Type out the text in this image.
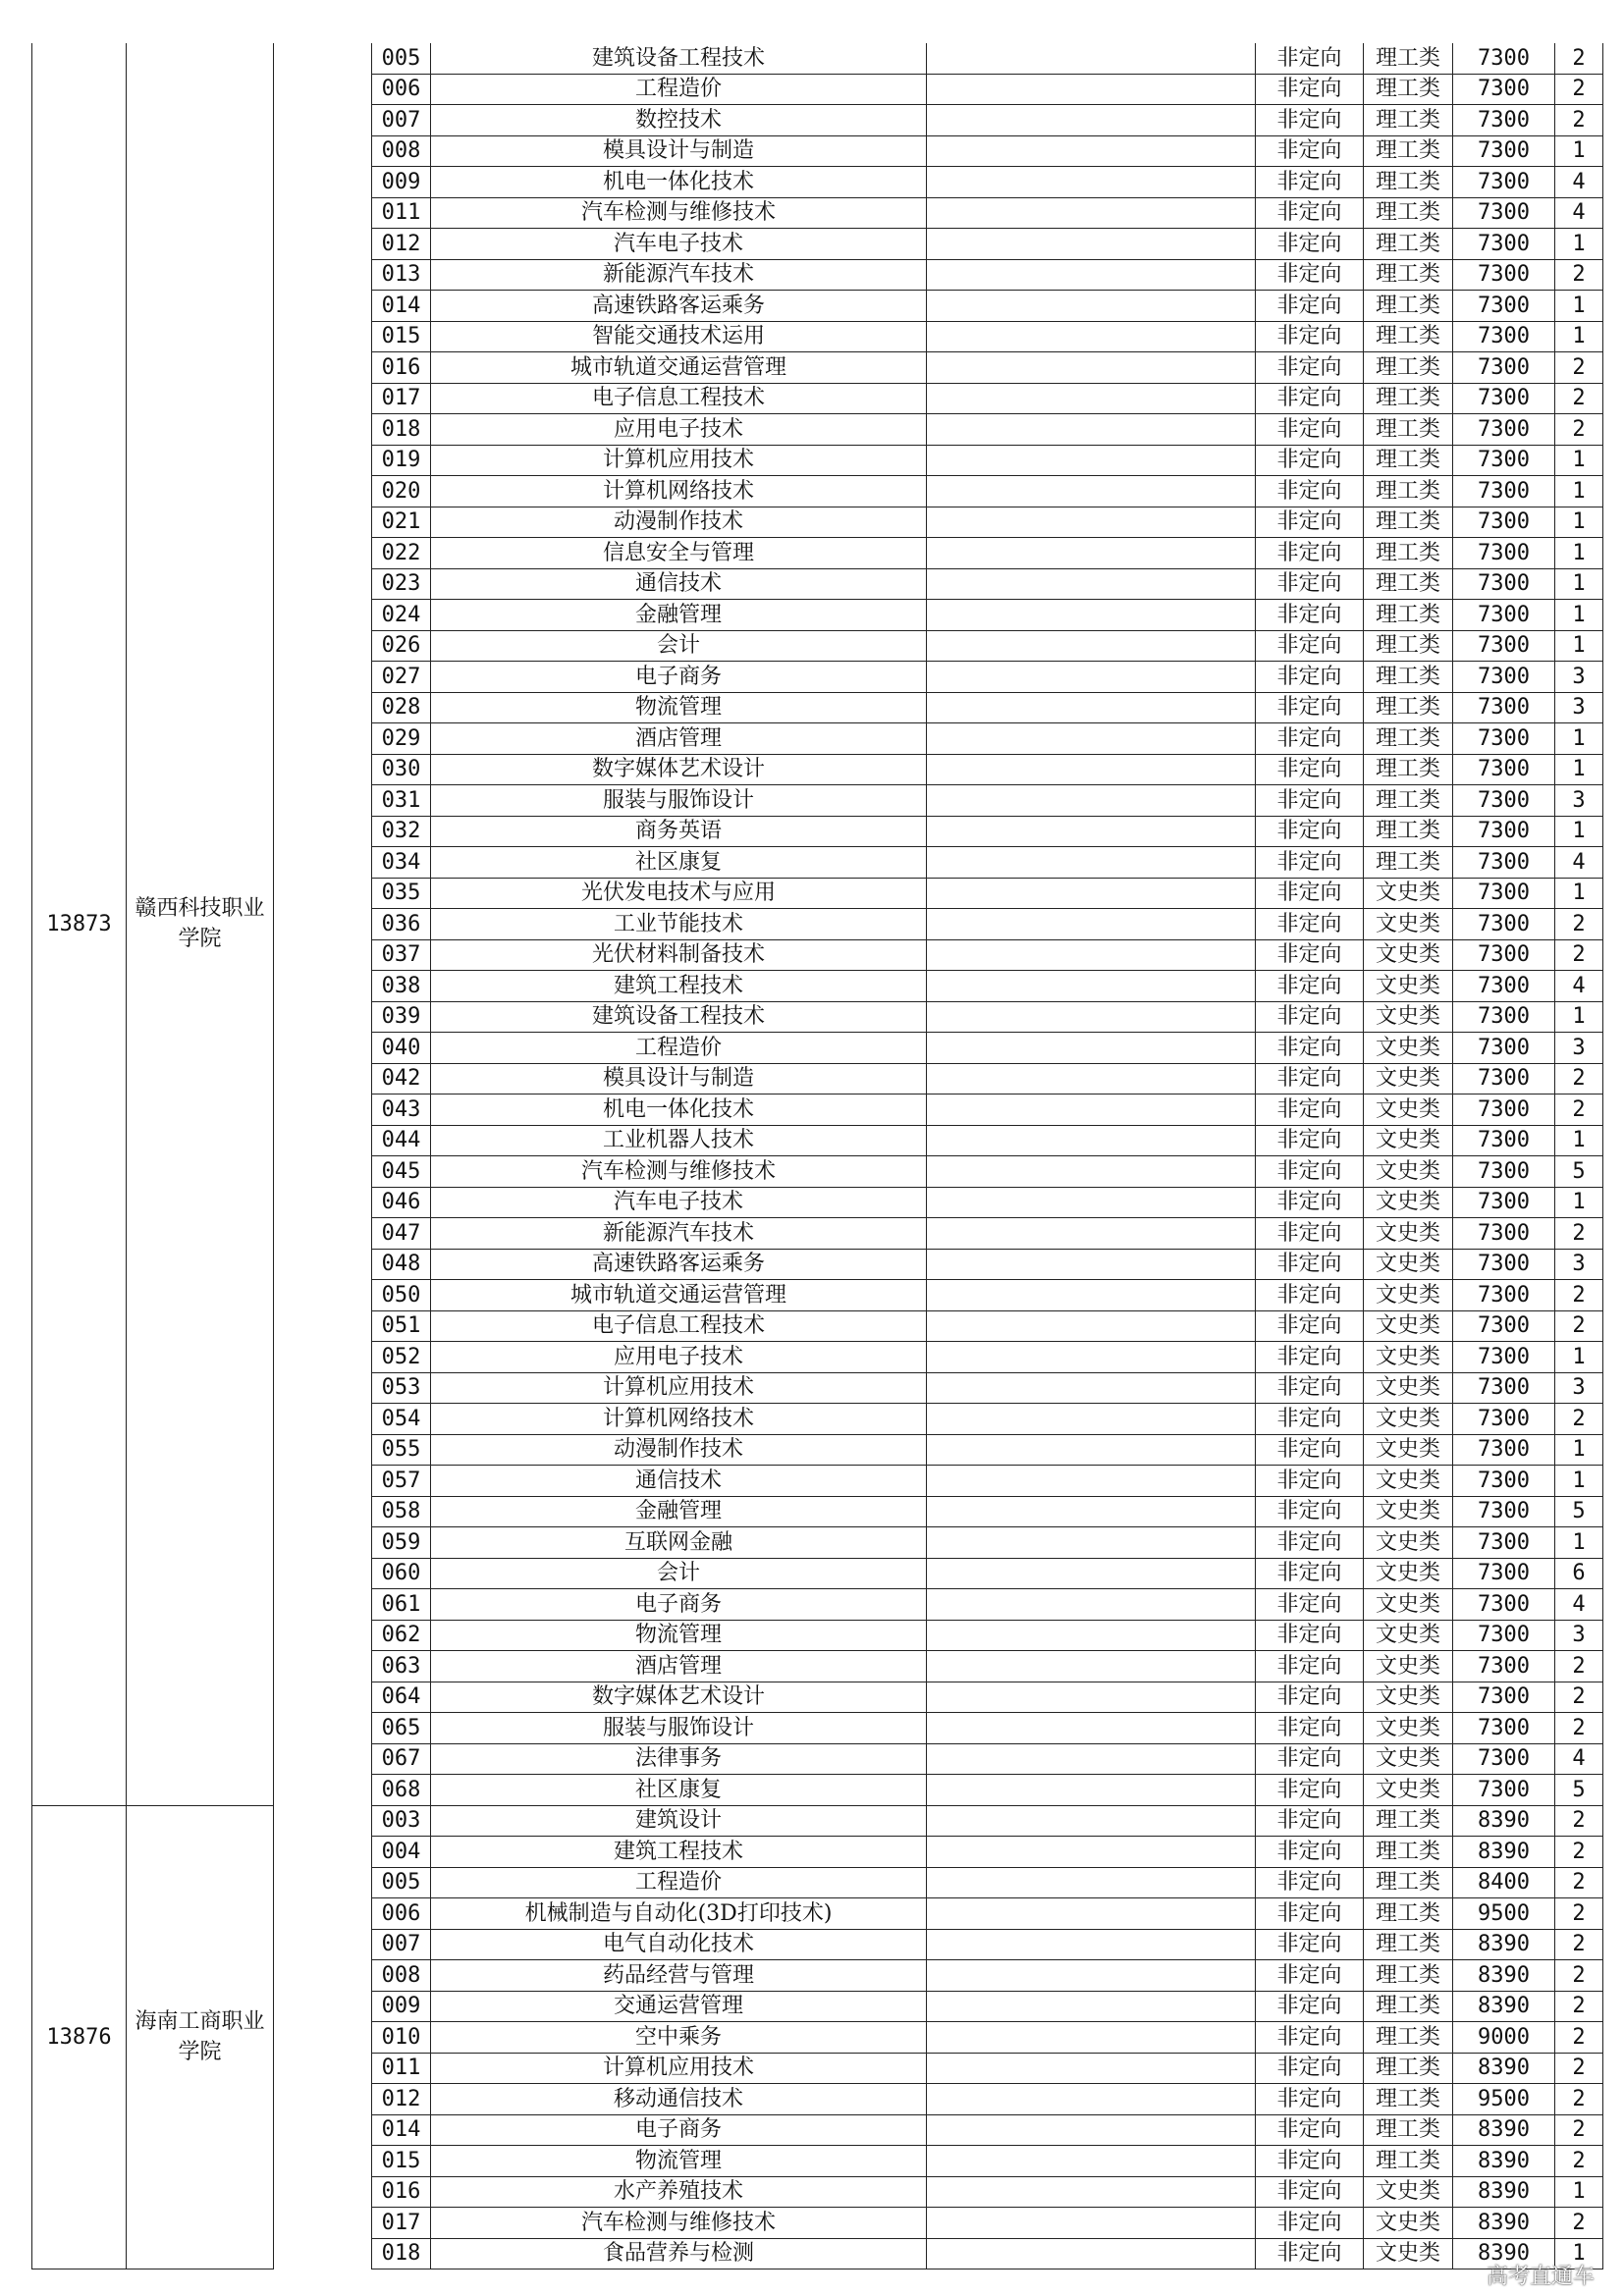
13873	赣西科技职业学院		005	建筑设备工程技术		非定向	理工类	7300	2
			006	工程造价		非定向	理工类	7300	2
			007	数控技术		非定向	理工类	7300	2
			008	模具设计与制造		非定向	理工类	7300	1
			009	机电一体化技术		非定向	理工类	7300	4
			011	汽车检测与维修技术		非定向	理工类	7300	4
			012	汽车电子技术		非定向	理工类	7300	1
			013	新能源汽车技术		非定向	理工类	7300	2
			014	高速铁路客运乘务		非定向	理工类	7300	1
			015	智能交通技术运用		非定向	理工类	7300	1
			016	城市轨道交通运营管理		非定向	理工类	7300	2
			017	电子信息工程技术		非定向	理工类	7300	2
			018	应用电子技术		非定向	理工类	7300	2
			019	计算机应用技术		非定向	理工类	7300	1
			020	计算机网络技术		非定向	理工类	7300	1
			021	动漫制作技术		非定向	理工类	7300	1
			022	信息安全与管理		非定向	理工类	7300	1
			023	通信技术		非定向	理工类	7300	1
			024	金融管理		非定向	理工类	7300	1
			026	会计		非定向	理工类	7300	1
			027	电子商务		非定向	理工类	7300	3
			028	物流管理		非定向	理工类	7300	3
			029	酒店管理		非定向	理工类	7300	1
			030	数字媒体艺术设计		非定向	理工类	7300	1
			031	服装与服饰设计		非定向	理工类	7300	3
			032	商务英语		非定向	理工类	7300	1
			034	社区康复		非定向	理工类	7300	4
			035	光伏发电技术与应用		非定向	文史类	7300	1
			036	工业节能技术		非定向	文史类	7300	2
			037	光伏材料制备技术		非定向	文史类	7300	2
			038	建筑工程技术		非定向	文史类	7300	4
			039	建筑设备工程技术		非定向	文史类	7300	1
			040	工程造价		非定向	文史类	7300	3
			042	模具设计与制造		非定向	文史类	7300	2
			043	机电一体化技术		非定向	文史类	7300	2
			044	工业机器人技术		非定向	文史类	7300	1
			045	汽车检测与维修技术		非定向	文史类	7300	5
			046	汽车电子技术		非定向	文史类	7300	1
			047	新能源汽车技术		非定向	文史类	7300	2
			048	高速铁路客运乘务		非定向	文史类	7300	3
			050	城市轨道交通运营管理		非定向	文史类	7300	2
			051	电子信息工程技术		非定向	文史类	7300	2
			052	应用电子技术		非定向	文史类	7300	1
			053	计算机应用技术		非定向	文史类	7300	3
			054	计算机网络技术		非定向	文史类	7300	2
			055	动漫制作技术		非定向	文史类	7300	1
			057	通信技术		非定向	文史类	7300	1
			058	金融管理		非定向	文史类	7300	5
			059	互联网金融		非定向	文史类	7300	1
			060	会计		非定向	文史类	7300	6
			061	电子商务		非定向	文史类	7300	4
			062	物流管理		非定向	文史类	7300	3
			063	酒店管理		非定向	文史类	7300	2
			064	数字媒体艺术设计		非定向	文史类	7300	2
			065	服装与服饰设计		非定向	文史类	7300	2
			067	法律事务		非定向	文史类	7300	4
			068	社区康复		非定向	文史类	7300	5
13876	海南工商职业学院		003	建筑设计		非定向	理工类	8390	2
			004	建筑工程技术		非定向	理工类	8390	2
			005	工程造价		非定向	理工类	8400	2
			006	机械制造与自动化(3D打印技术)		非定向	理工类	9500	2
			007	电气自动化技术		非定向	理工类	8390	2
			008	药品经营与管理		非定向	理工类	8390	2
			009	交通运营管理		非定向	理工类	8390	2
			010	空中乘务		非定向	理工类	9000	2
			011	计算机应用技术		非定向	理工类	8390	2
			012	移动通信技术		非定向	理工类	9500	2
			014	电子商务		非定向	理工类	8390	2
			015	物流管理		非定向	理工类	8390	2
			016	水产养殖技术		非定向	文史类	8390	1
			017	汽车检测与维修技术		非定向	文史类	8390	2
			018	食品营养与检测		非定向	文史类	8390	1
高考直通车
